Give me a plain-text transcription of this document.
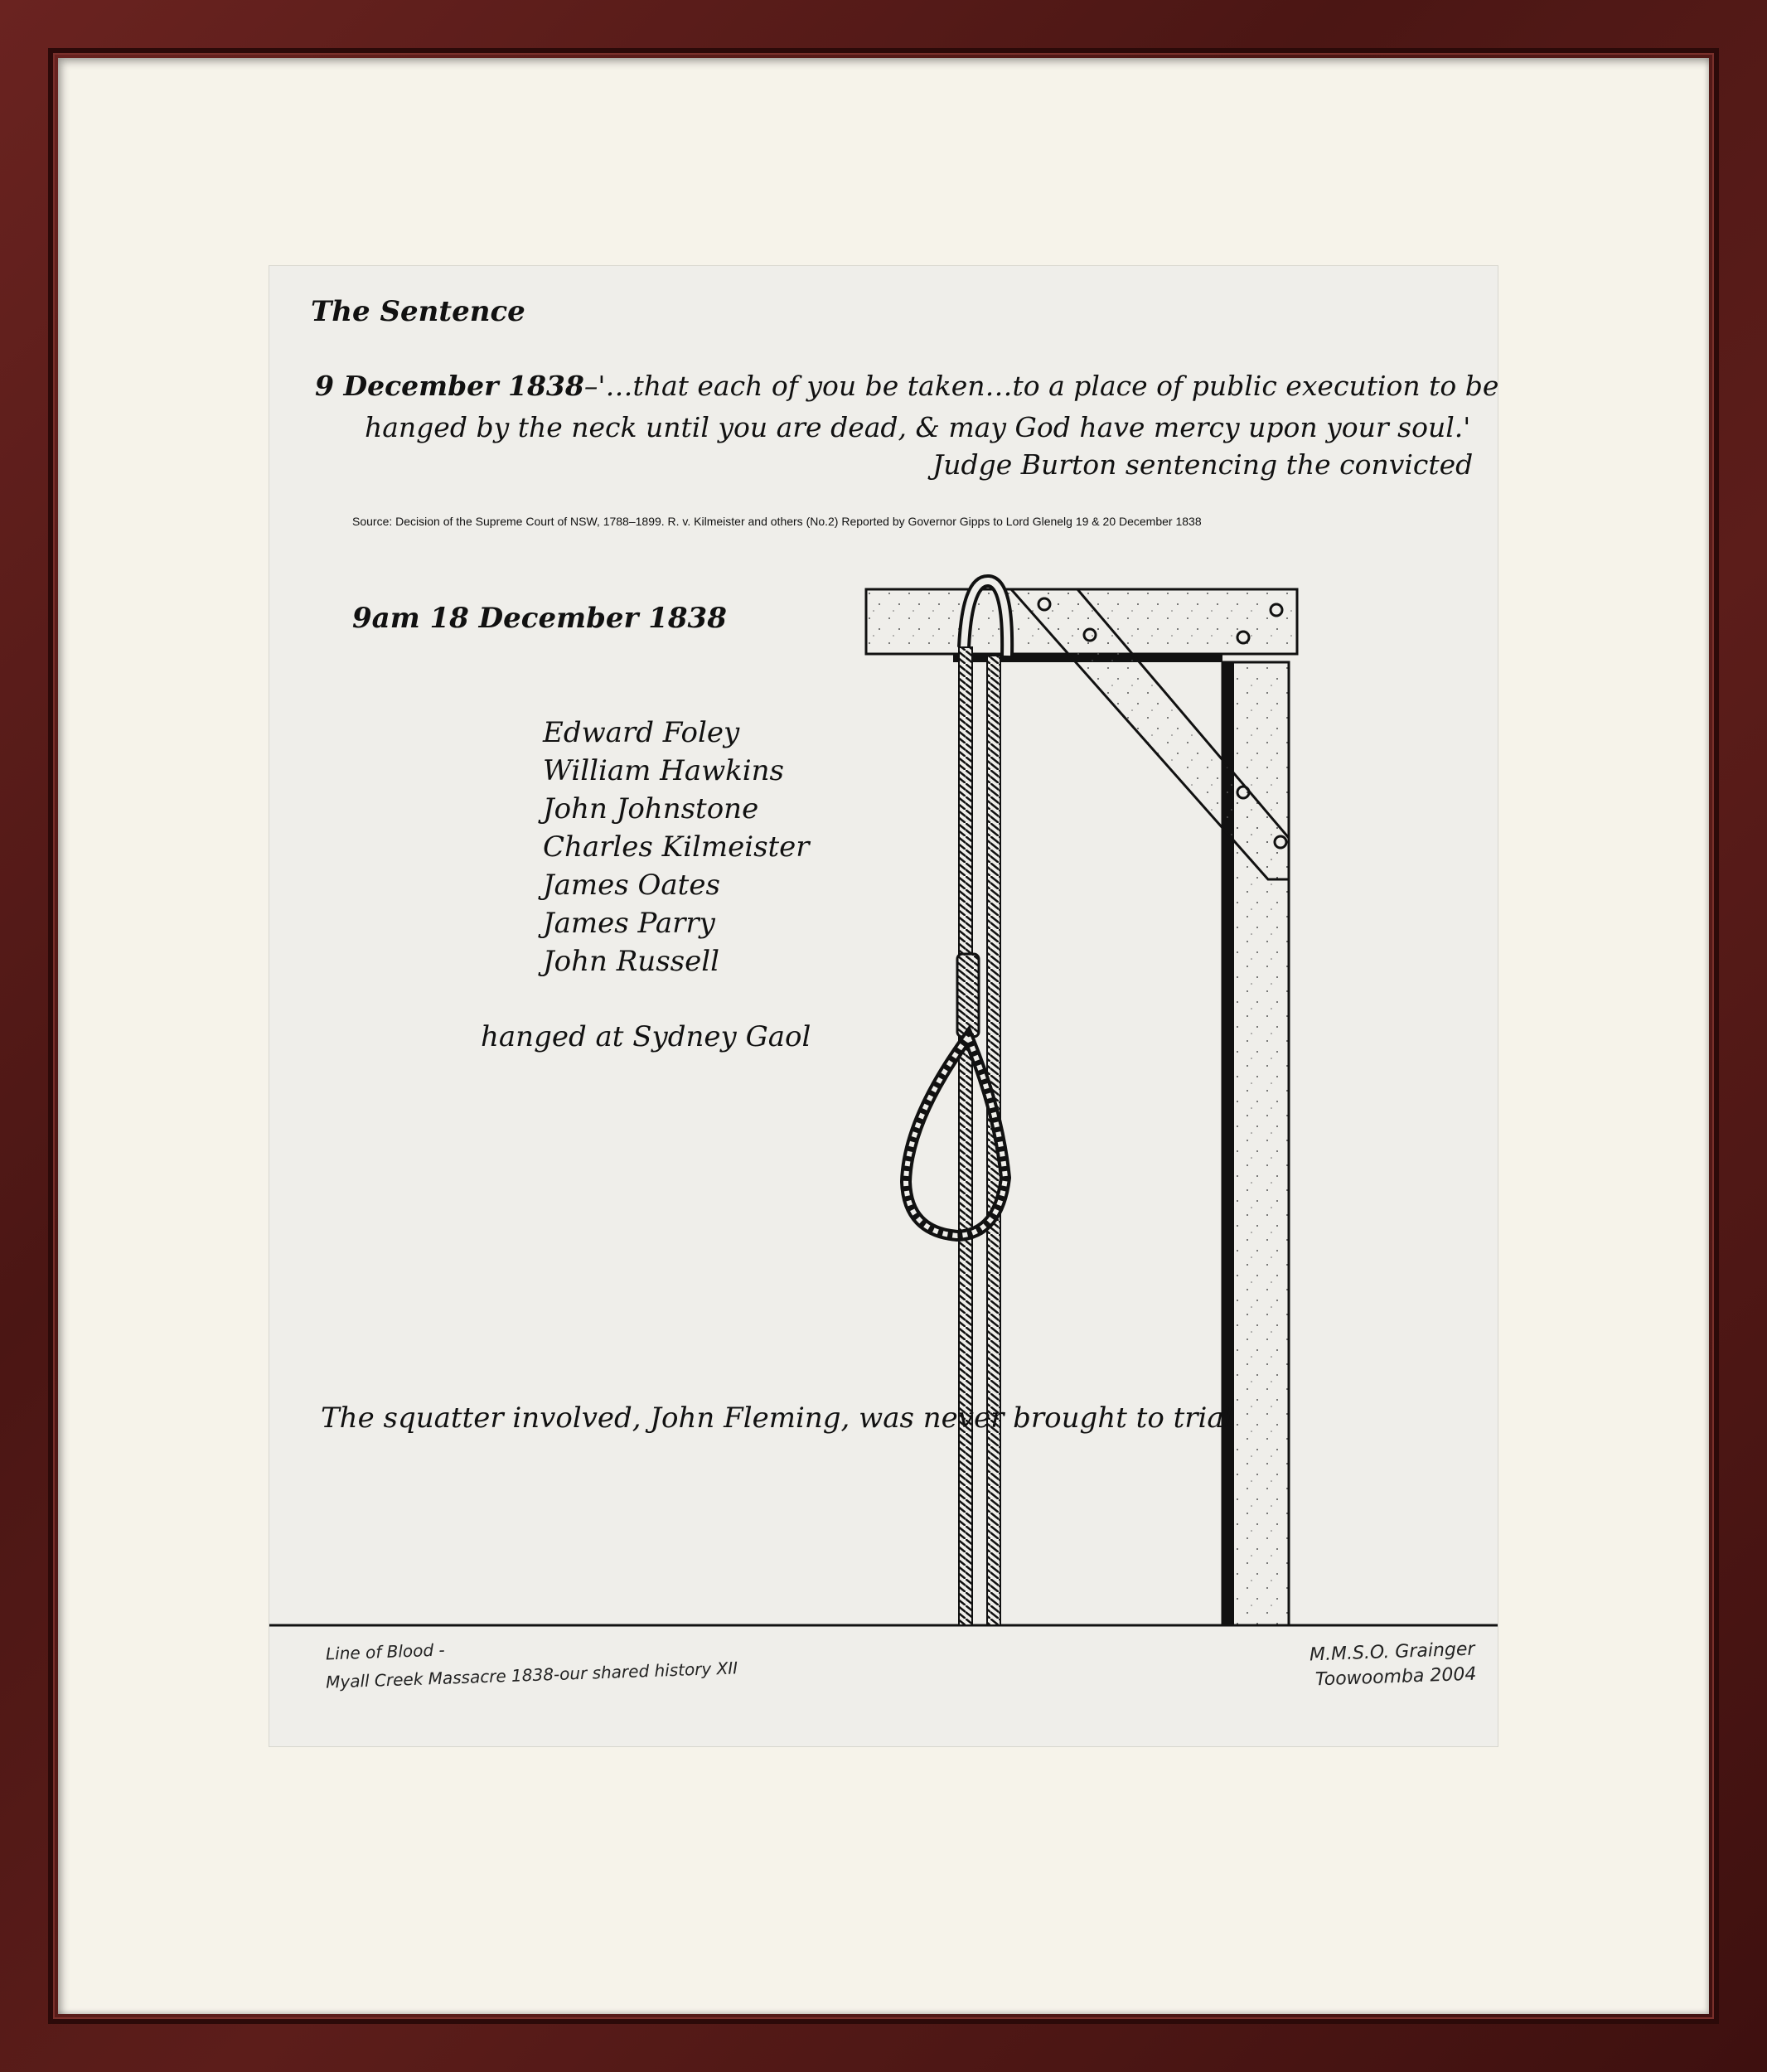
The Sentence
9 December 1838–'…that each of you be taken…to a place of public execution to be
hanged by the neck until you are dead, & may God have mercy upon your soul.'
Judge Burton sentencing the convicted
Source: Decision of the Supreme Court of NSW, 1788–1899. R. v. Kilmeister and others (No.2) Reported by Governor Gipps to Lord Glenelg 19 & 20 December 1838
9am 18 December 1838
Edward Foley
William Hawkins
John Johnstone
Charles Kilmeister
James Oates
James Parry
John Russell
hanged at Sydney Gaol
The squatter involved, John Fleming, was never brought to trial
Line of Blood -
Myall Creek Massacre 1838-our shared history XII
M.M.S.O. Grainger
Toowoomba 2004
